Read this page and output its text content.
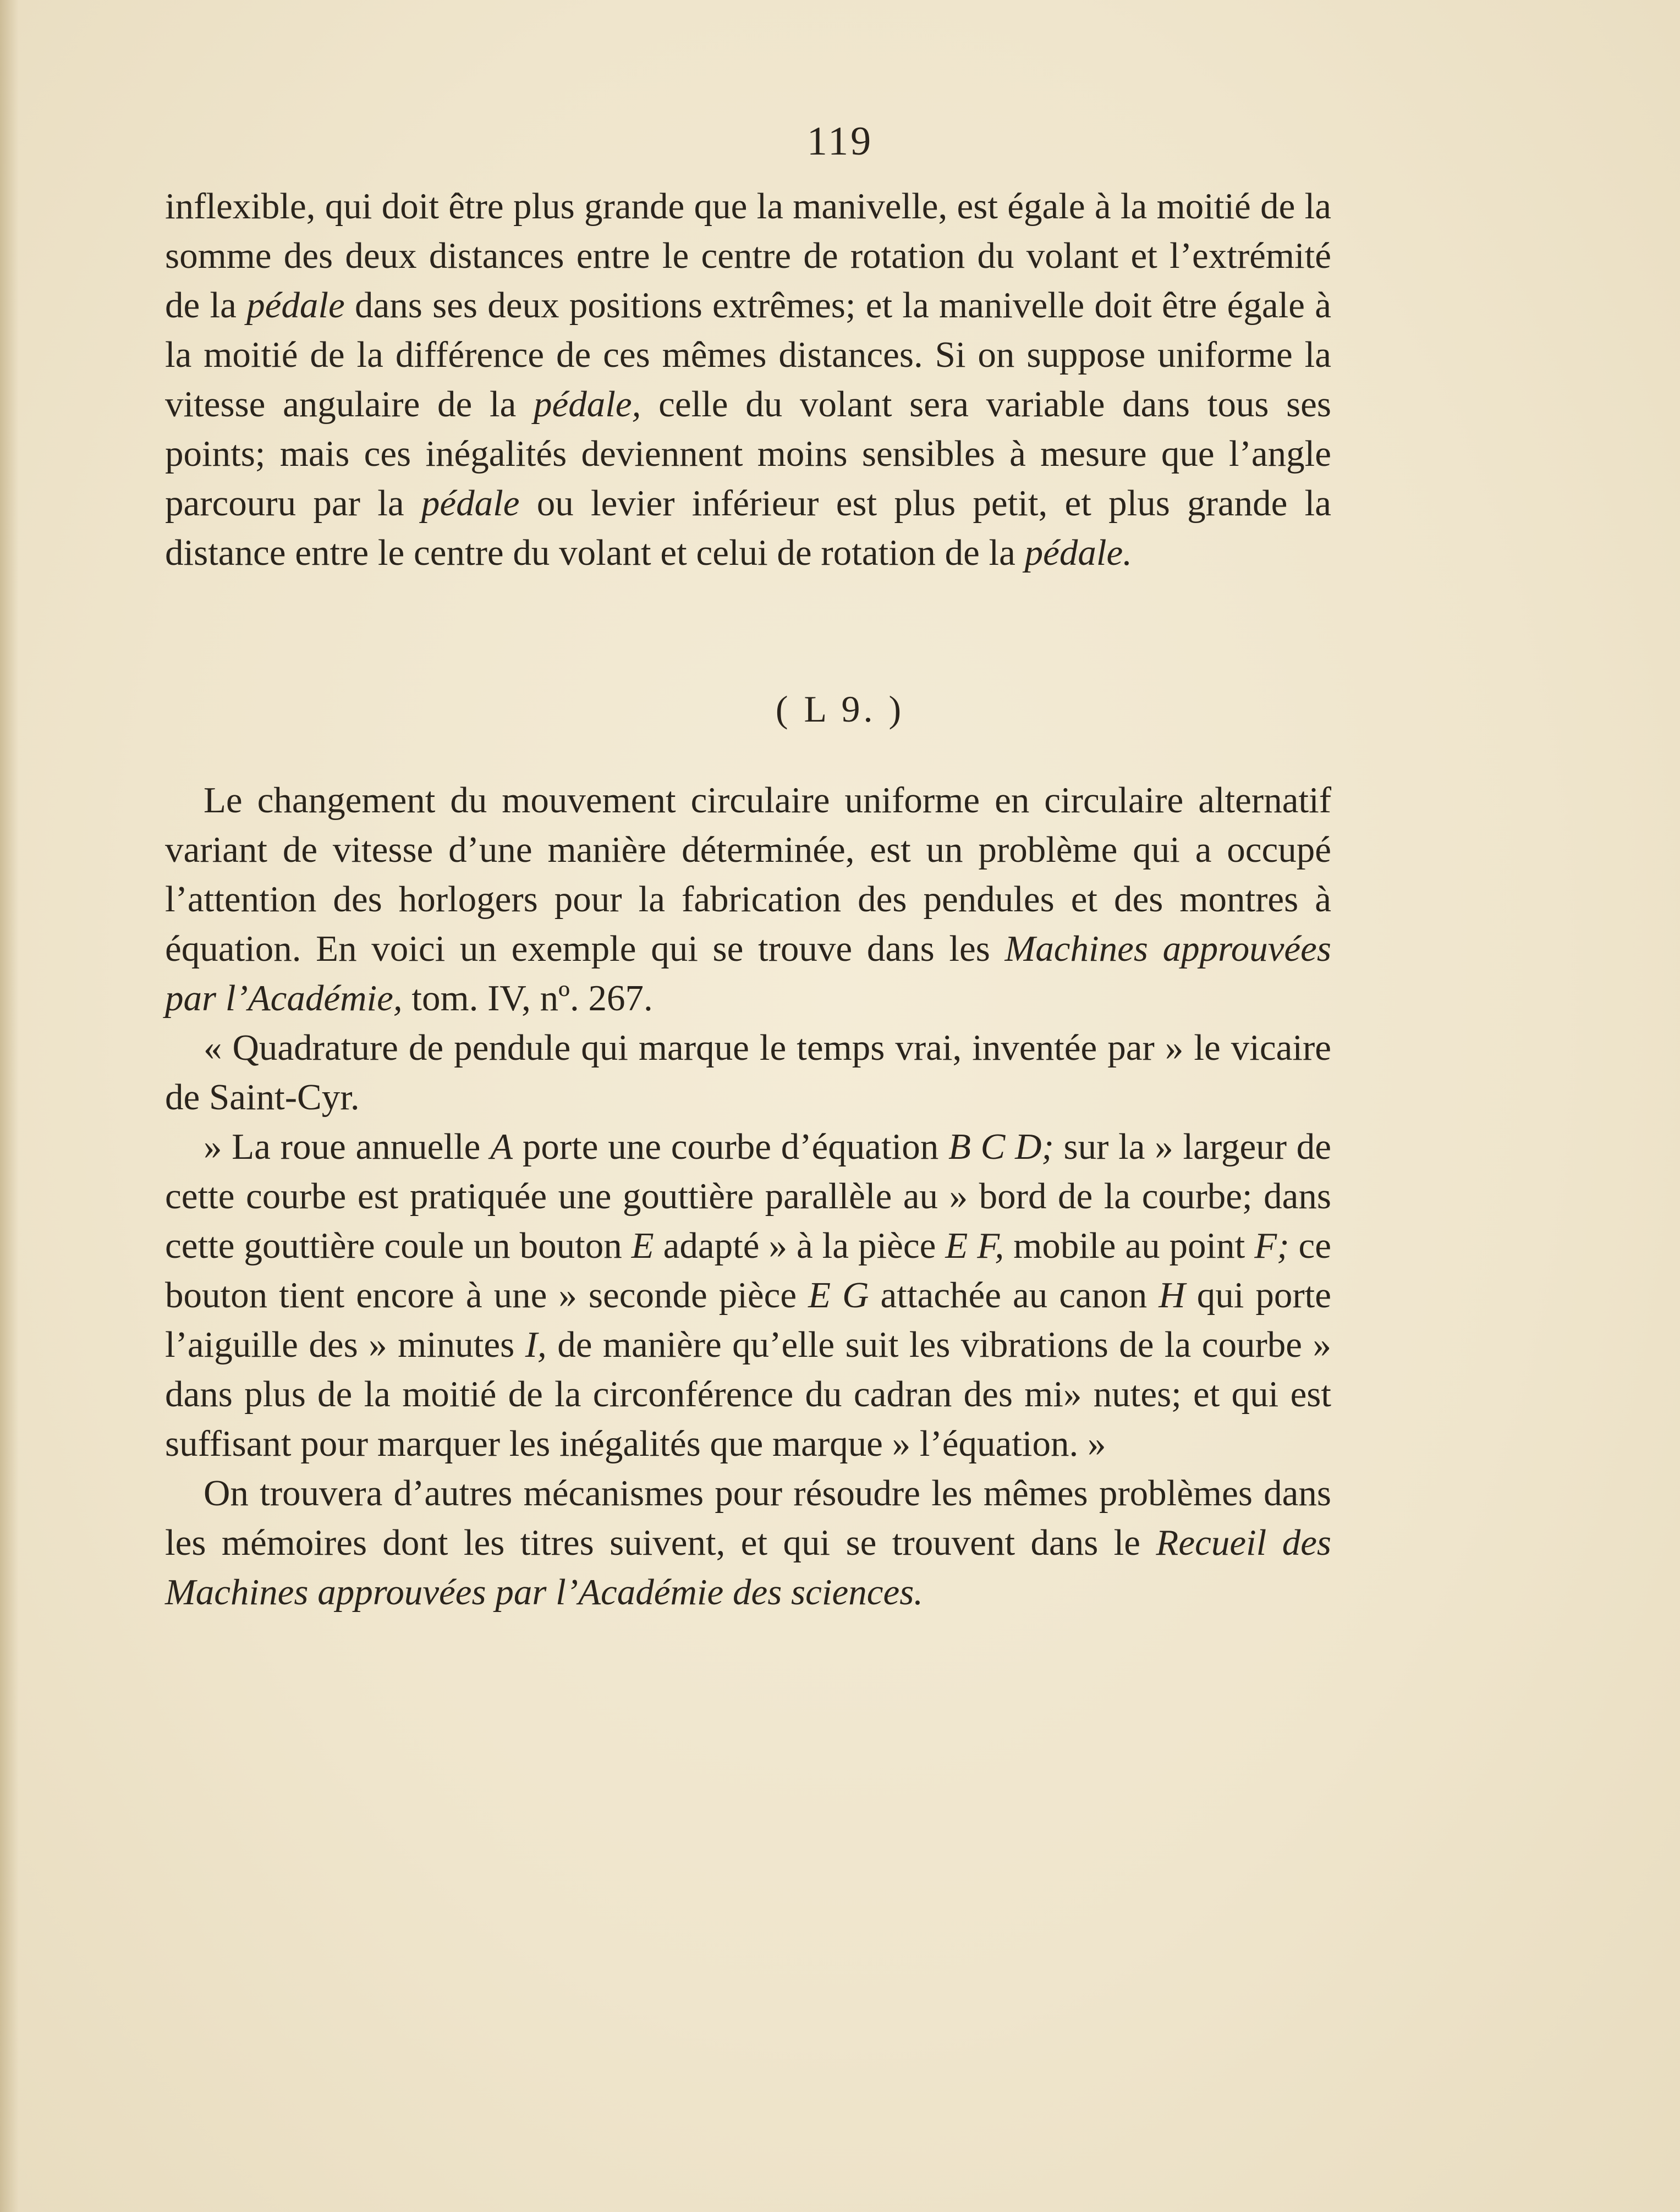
119

inflexible, qui doit être plus grande que la manivelle, est égale à la moitié de la somme des deux distances entre le centre de rotation du volant et l’extrémité de la pédale dans ses deux positions extrêmes; et la manivelle doit être égale à la moitié de la différence de ces mêmes distances. Si on suppose uniforme la vitesse angulaire de la pédale, celle du volant sera variable dans tous ses points; mais ces inégalités deviennent moins sensibles à mesure que l’angle parcouru par la pédale ou levier inférieur est plus petit, et plus grande la distance entre le centre du volant et celui de rotation de la pédale.

( L 9. )

Le changement du mouvement circulaire uniforme en circulaire alternatif variant de vitesse d’une manière déterminée, est un problème qui a occupé l’attention des horlogers pour la fabrication des pendules et des montres à équation. En voici un exemple qui se trouve dans les Machines approuvées par l’Académie, tom. IV, nº. 267.

« Quadrature de pendule qui marque le temps vrai, inventée par » le vicaire de Saint-Cyr.

» La roue annuelle A porte une courbe d’équation B C D; sur la » largeur de cette courbe est pratiquée une gouttière parallèle au » bord de la courbe; dans cette gouttière coule un bouton E adapté » à la pièce E F, mobile au point F; ce bouton tient encore à une » seconde pièce E G attachée au canon H qui porte l’aiguille des » minutes I, de manière qu’elle suit les vibrations de la courbe » dans plus de la moitié de la circonférence du cadran des mi» nutes; et qui est suffisant pour marquer les inégalités que marque » l’équation. »

On trouvera d’autres mécanismes pour résoudre les mêmes problèmes dans les mémoires dont les titres suivent, et qui se trouvent dans le Recueil des Machines approuvées par l’Académie des sciences.
